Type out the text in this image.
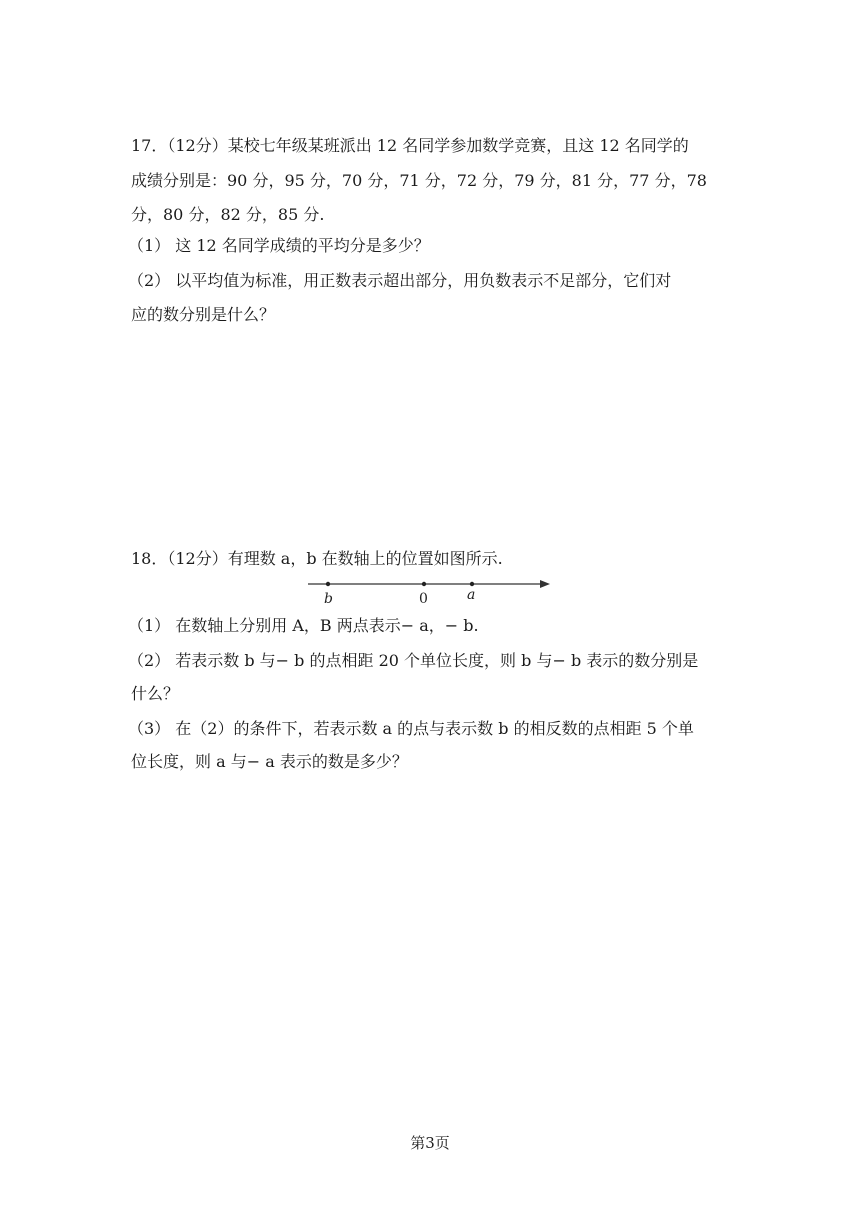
17．（12分）某校七年级某班派出 12 名同学参加数学竞赛，且这 12 名同学的
成绩分别是：90 分，95 分，70 分，71 分，72 分，79 分，81 分，77 分，78
分，80 分，82 分，85 分.
（1） 这 12 名同学成绩的平均分是多少？
（2） 以平均值为标准，用正数表示超出部分，用负数表示不足部分，它们对
应的数分别是什么？
18．（12分）有理数 a，b 在数轴上的位置如图所示.
b	0	a
（1） 在数轴上分别用 A，B 两点表示− a，− b.
（2） 若表示数 b 与− b 的点相距 20 个单位长度，则 b 与− b 表示的数分别是
什么？
（3） 在（2）的条件下，若表示数 a 的点与表示数 b 的相反数的点相距 5 个单
位长度，则 a 与− a 表示的数是多少？
第3页
